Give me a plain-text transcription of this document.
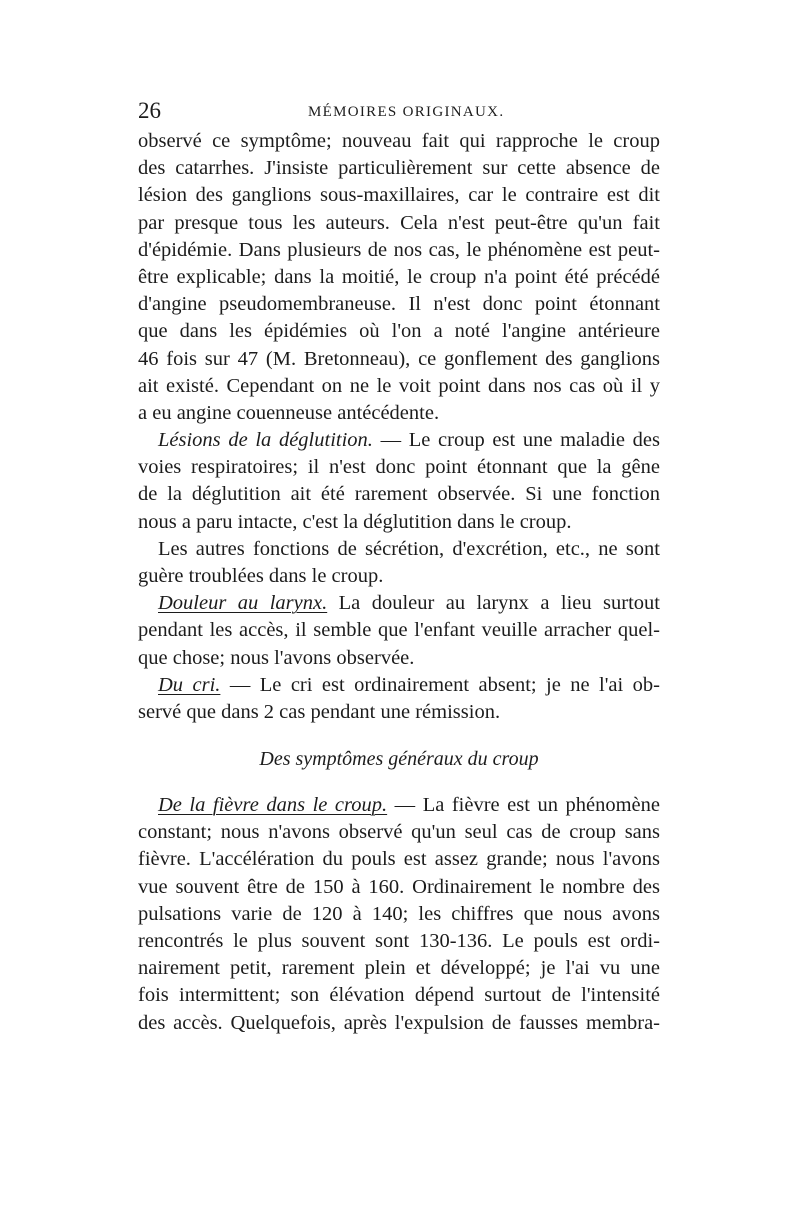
26	MÉMOIRES ORIGINAUX.
observé ce symptôme; nouveau fait qui rapproche le croup
des catarrhes. J'insiste particulièrement sur cette absence de
lésion des ganglions sous-maxillaires, car le contraire est dit
par presque tous les auteurs. Cela n'est peut-être qu'un fait
d'épidémie. Dans plusieurs de nos cas, le phénomène est peut-
être explicable; dans la moitié, le croup n'a point été précédé
d'angine pseudomembraneuse. Il n'est donc point étonnant
que dans les épidémies où l'on a noté l'angine antérieure
46 fois sur 47 (M. Bretonneau), ce gonflement des ganglions
ait existé. Cependant on ne le voit point dans nos cas où il y
a eu angine couenneuse antécédente.
Lésions de la déglutition. — Le croup est une maladie des
voies respiratoires; il n'est donc point étonnant que la gêne
de la déglutition ait été rarement observée. Si une fonction
nous a paru intacte, c'est la déglutition dans le croup.
Les autres fonctions de sécrétion, d'excrétion, etc., ne sont
guère troublées dans le croup.
Douleur au larynx. La douleur au larynx a lieu surtout
pendant les accès, il semble que l'enfant veuille arracher quel-
que chose; nous l'avons observée.
Du cri. — Le cri est ordinairement absent; je ne l'ai ob-
servé que dans 2 cas pendant une rémission.
Des symptômes généraux du croup
De la fièvre dans le croup. — La fièvre est un phénomène
constant; nous n'avons observé qu'un seul cas de croup sans
fièvre. L'accélération du pouls est assez grande; nous l'avons
vue souvent être de 150 à 160. Ordinairement le nombre des
pulsations varie de 120 à 140; les chiffres que nous avons
rencontrés le plus souvent sont 130-136. Le pouls est ordi-
nairement petit, rarement plein et développé; je l'ai vu une
fois intermittent; son élévation dépend surtout de l'intensité
des accès. Quelquefois, après l'expulsion de fausses membra-
